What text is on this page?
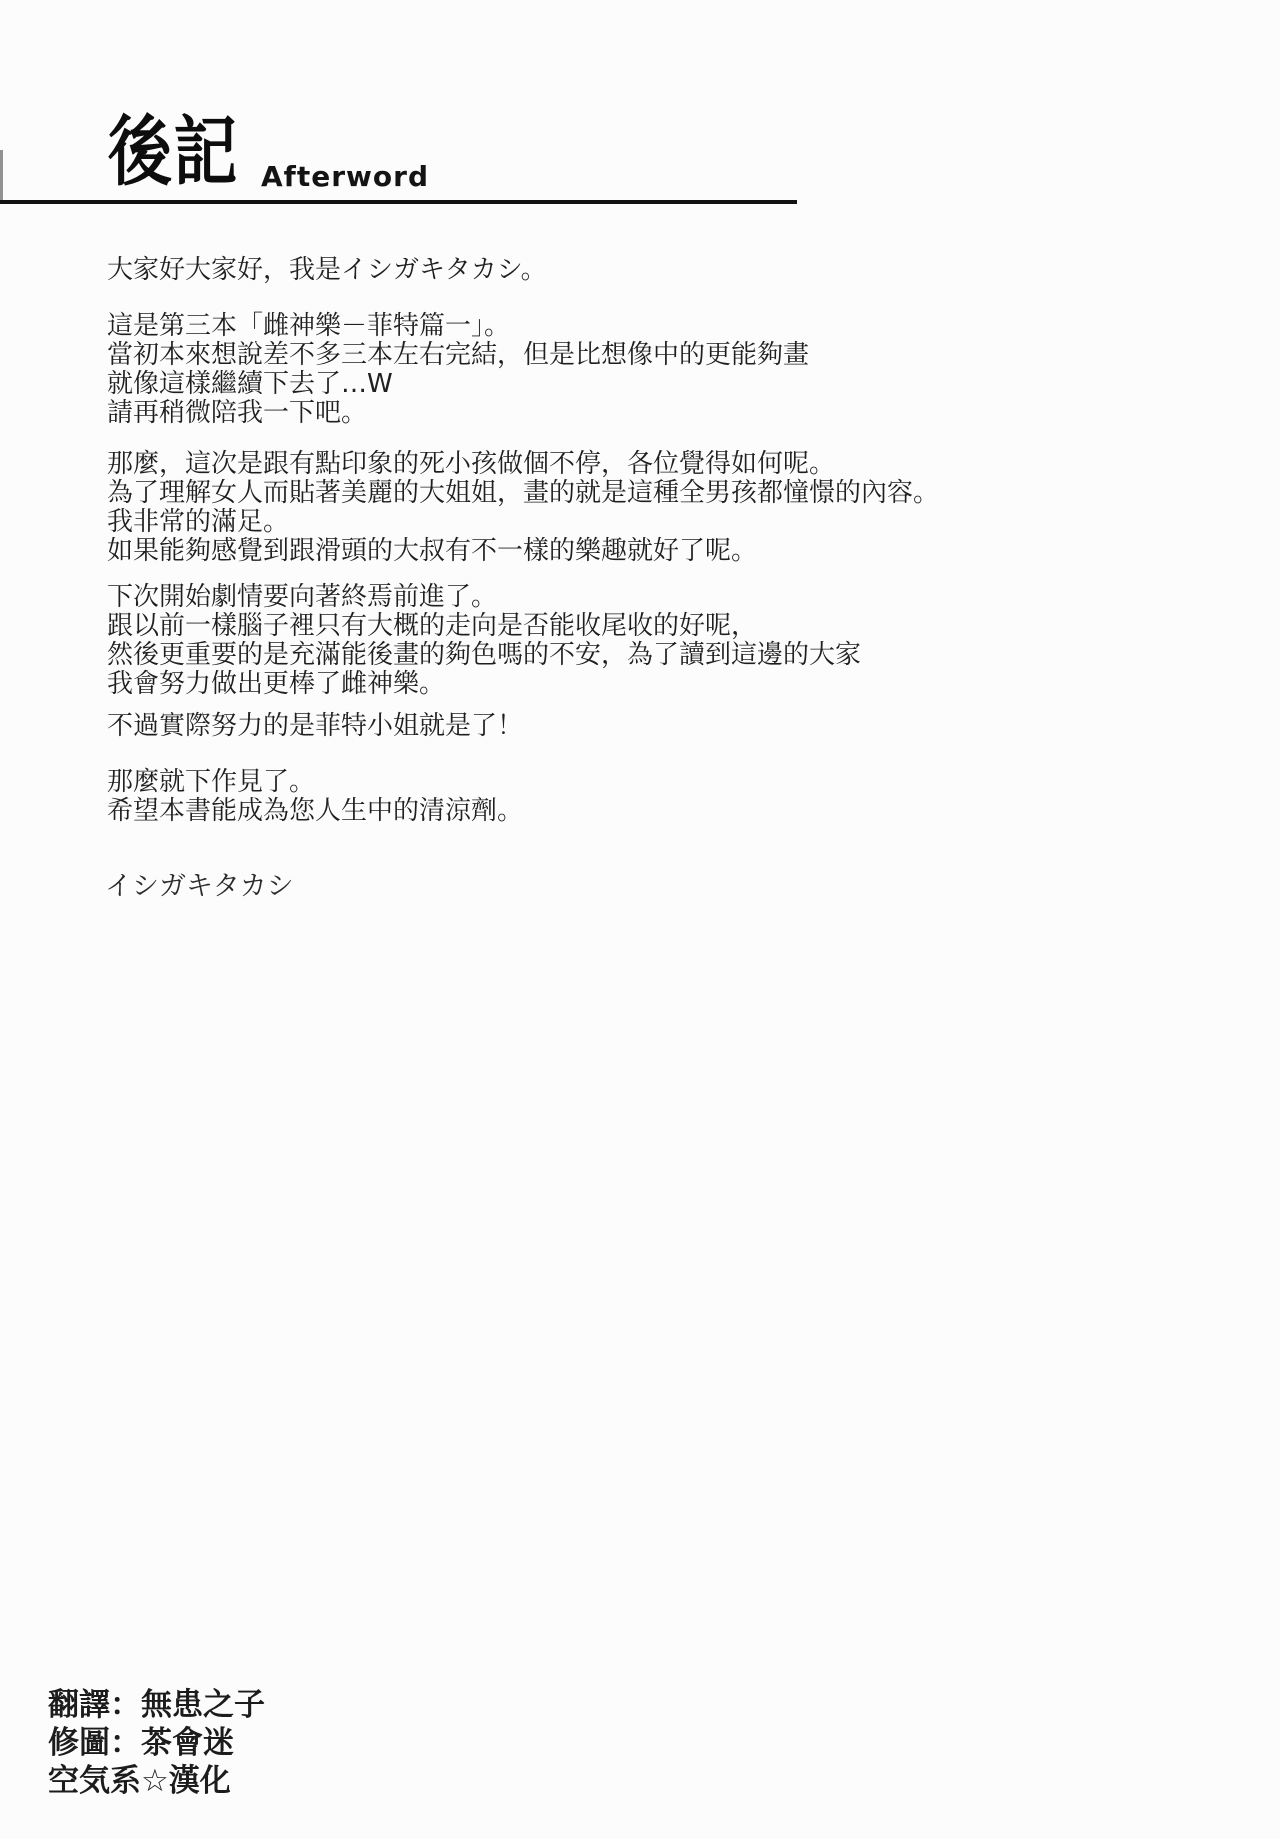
後記 Afterword
大家好大家好，我是イシガキタカシ。
這是第三本「雌神樂－菲特篇一」。
當初本來想說差不多三本左右完結，但是比想像中的更能夠畫
就像這樣繼續下去了…W
請再稍微陪我一下吧。
那麼，這次是跟有點印象的死小孩做個不停，各位覺得如何呢。
為了理解女人而貼著美麗的大姐姐，畫的就是這種全男孩都憧憬的內容。
我非常的滿足。
如果能夠感覺到跟滑頭的大叔有不一樣的樂趣就好了呢。
下次開始劇情要向著終焉前進了。
跟以前一樣腦子裡只有大概的走向是否能收尾收的好呢，
然後更重要的是充滿能後畫的夠色嗎的不安，為了讀到這邊的大家
我會努力做出更棒了雌神樂。
不過實際努力的是菲特小姐就是了！
那麼就下作見了。
希望本書能成為您人生中的清涼劑。
イシガキタカシ
翻譯：無患之子
修圖：茶會迷
空気系☆漢化
